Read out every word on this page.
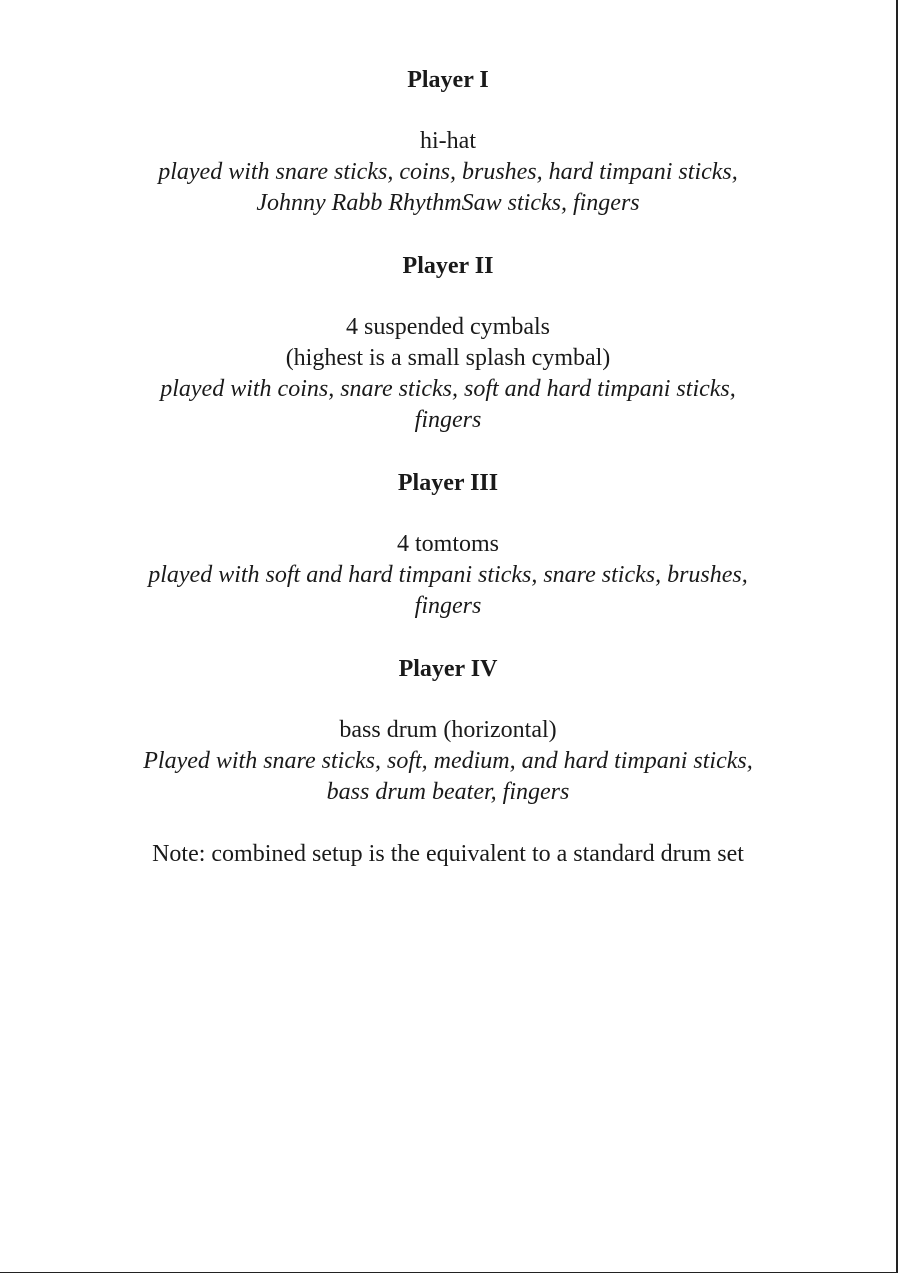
Player I

hi-hat

played with snare sticks, coins, brushes, hard timpani sticks,

Johnny Rabb RhythmSaw sticks, fingers

Player II

4 suspended cymbals

(highest is a small splash cymbal)

played with coins, snare sticks, soft and hard timpani sticks,

fingers

Player III

4 tomtoms

played with soft and hard timpani sticks, snare sticks, brushes,

fingers

Player IV

bass drum (horizontal)

Played with snare sticks, soft, medium, and hard timpani sticks,

bass drum beater, fingers

Note: combined setup is the equivalent to a standard drum set
